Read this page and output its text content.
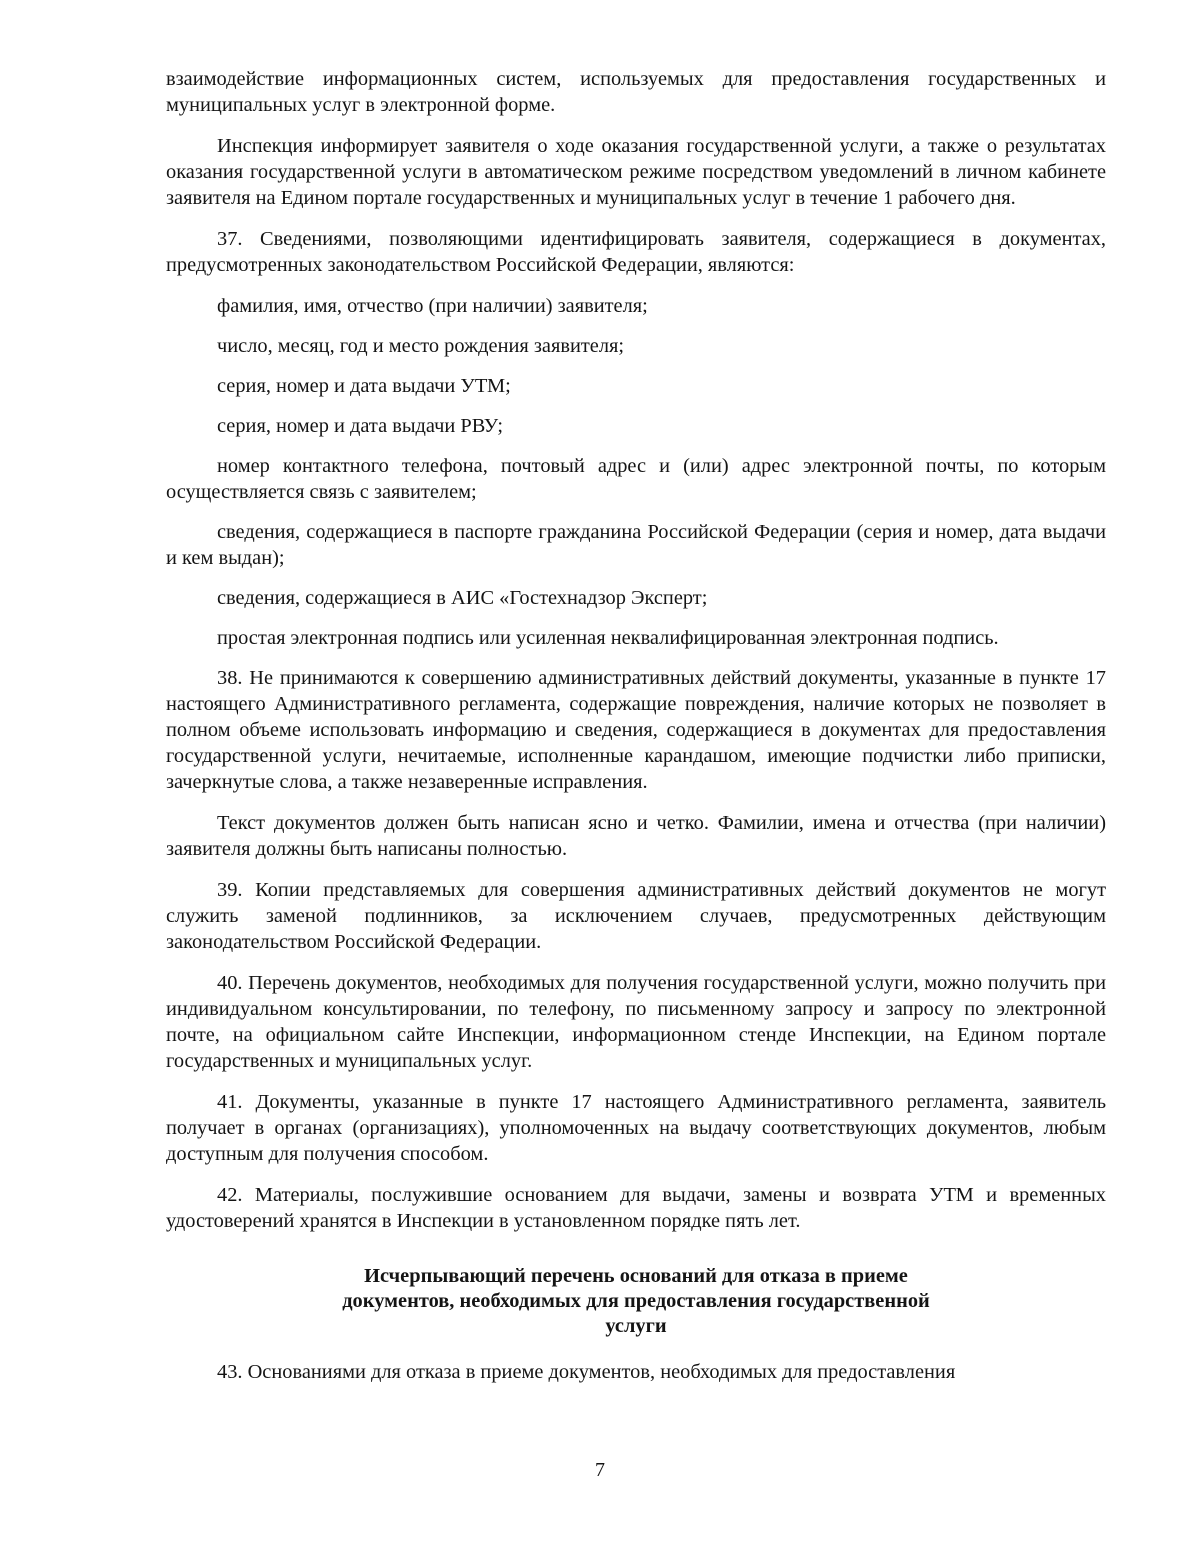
взаимодействие информационных систем, используемых для предоставления государственных и муниципальных услуг в электронной форме.

Инспекция информирует заявителя о ходе оказания государственной услуги, а также о результатах оказания государственной услуги в автоматическом режиме посредством уведомлений в личном кабинете заявителя на Едином портале государственных и муниципальных услуг в течение 1 рабочего дня.

37. Сведениями, позволяющими идентифицировать заявителя, содержащиеся в документах, предусмотренных законодательством Российской Федерации, являются:

фамилия, имя, отчество (при наличии) заявителя;

число, месяц, год и место рождения заявителя;

серия, номер и дата выдачи УТМ;

серия, номер и дата выдачи РВУ;

номер контактного телефона, почтовый адрес и (или) адрес электронной почты, по которым осуществляется связь с заявителем;

сведения, содержащиеся в паспорте гражданина Российской Федерации (серия и номер, дата выдачи и кем выдан);

сведения, содержащиеся в АИС «Гостехнадзор Эксперт;

простая электронная подпись или усиленная неквалифицированная электронная подпись.

38. Не принимаются к совершению административных действий документы, указанные в пункте 17 настоящего Административного регламента, содержащие повреждения, наличие которых не позволяет в полном объеме использовать информацию и сведения, содержащиеся в документах для предоставления государственной услуги, нечитаемые, исполненные карандашом, имеющие подчистки либо приписки, зачеркнутые слова, а также незаверенные исправления.

Текст документов должен быть написан ясно и четко. Фамилии, имена и отчества (при наличии) заявителя должны быть написаны полностью.

39. Копии представляемых для совершения административных действий документов не могут служить заменой подлинников, за исключением случаев, предусмотренных действующим законодательством Российской Федерации.

40. Перечень документов, необходимых для получения государственной услуги, можно получить при индивидуальном консультировании, по телефону, по письменному запросу и запросу по электронной почте, на официальном сайте Инспекции, информационном стенде Инспекции, на Едином портале государственных и муниципальных услуг.

41. Документы, указанные в пункте 17 настоящего Административного регламента, заявитель получает в органах (организациях), уполномоченных на выдачу соответствующих документов, любым доступным для получения способом.

42. Материалы, послужившие основанием для выдачи, замены и возврата УТМ и временных удостоверений хранятся в Инспекции в установленном порядке пять лет.

Исчерпывающий перечень оснований для отказа в приеме
документов, необходимых для предоставления государственной
услуги

43. Основаниями для отказа в приеме документов, необходимых для предоставления

7
